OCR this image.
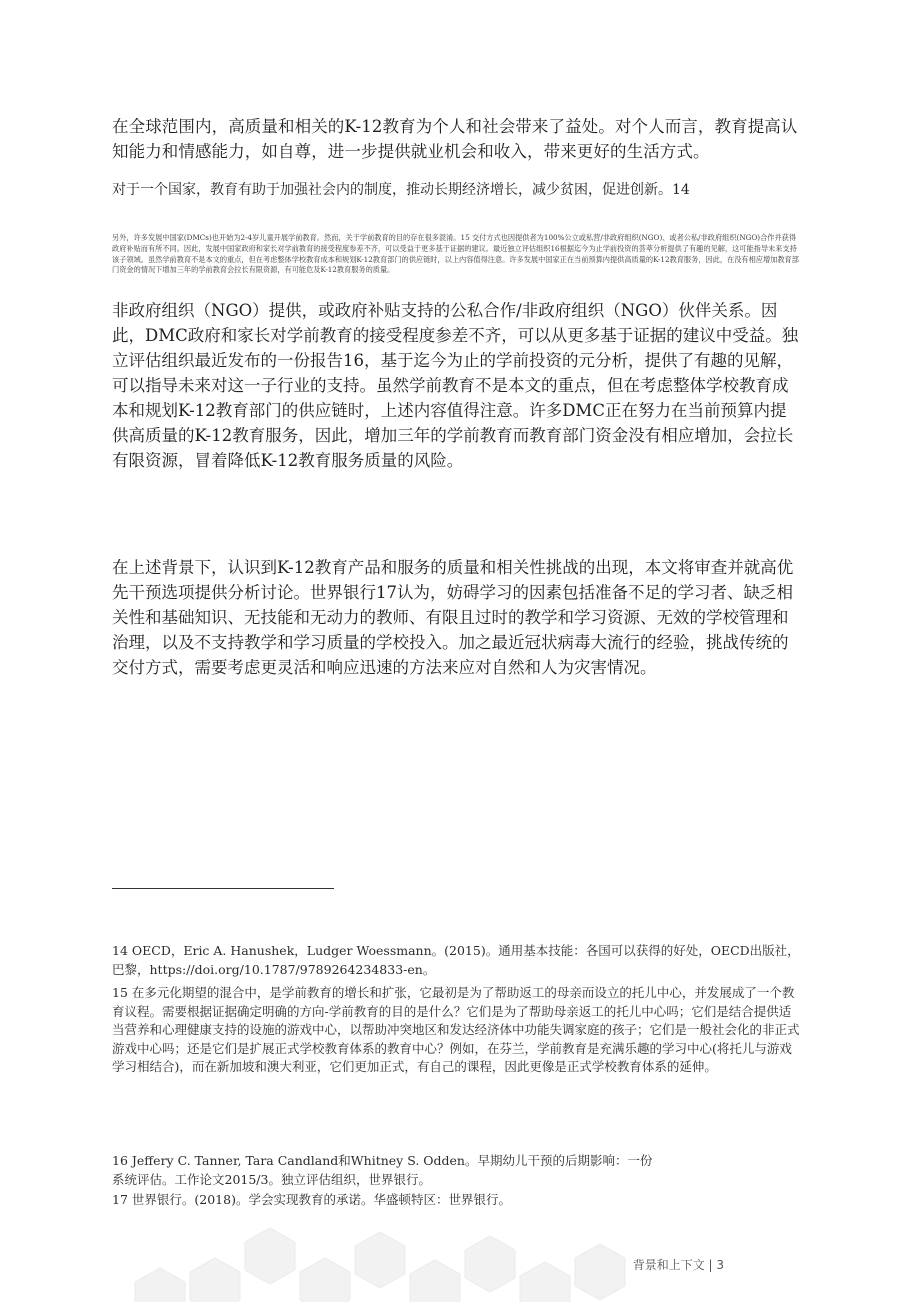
在全球范围内，高质量和相关的K-12教育为个人和社会带来了益处。对个人而言，教育提高认知能力和情感能力，如自尊，进一步提供就业机会和收入，带来更好的生活方式。

对于一个国家，教育有助于加强社会内的制度，推动长期经济增长，减少贫困，促进创新。14

另外，许多发展中国家(DMCs)也开始为2-4岁儿童开展学前教育。然而，关于学前教育的目的存在很多混淆。15 交付方式也因提供者为100%公立或私营/非政府组织(NGO)、或者公私/非政府组织(NGO)合作并获得政府补贴而有所不同。因此，发展中国家政府和家长对学前教育的接受程度参差不齐，可以受益于更多基于证据的建议。最近独立评估组织16根据迄今为止学前投资的荟萃分析提供了有趣的见解，这可能指导未来支持该子领域。虽然学前教育不是本文的重点，但在考虑整体学校教育成本和规划K-12教育部门的供应链时，以上内容值得注意。许多发展中国家正在当前预算内提供高质量的K-12教育服务，因此，在没有相应增加教育部门资金的情况下增加三年的学前教育会拉长有限资源，有可能危及K-12教育服务的质量。

非政府组织（NGO）提供，或政府补贴支持的公私合作/非政府组织（NGO）伙伴关系。因此，DMC政府和家长对学前教育的接受程度参差不齐，可以从更多基于证据的建议中受益。独立评估组织最近发布的一份报告16，基于迄今为止的学前投资的元分析，提供了有趣的见解，可以指导未来对这一子行业的支持。虽然学前教育不是本文的重点，但在考虑整体学校教育成本和规划K-12教育部门的供应链时，上述内容值得注意。许多DMC正在努力在当前预算内提供高质量的K-12教育服务，因此，增加三年的学前教育而教育部门资金没有相应增加，会拉长有限资源，冒着降低K-12教育服务质量的风险。

在上述背景下，认识到K-12教育产品和服务的质量和相关性挑战的出现，本文将审查并就高优先干预选项提供分析讨论。世界银行17认为，妨碍学习的因素包括准备不足的学习者、缺乏相关性和基础知识、无技能和无动力的教师、有限且过时的教学和学习资源、无效的学校管理和治理，以及不支持教学和学习质量的学校投入。加之最近冠状病毒大流行的经验，挑战传统的交付方式，需要考虑更灵活和响应迅速的方法来应对自然和人为灾害情况。

14 OECD，Eric A. Hanushek，Ludger Woessmann。(2015)。通用基本技能：各国可以获得的好处，OECD出版社，巴黎，https://doi.org/10.1787/9789264234833-en。

15 在多元化期望的混合中，是学前教育的增长和扩张，它最初是为了帮助返工的母亲而设立的托儿中心，并发展成了一个教育议程。需要根据证据确定明确的方向-学前教育的目的是什么？它们是为了帮助母亲返工的托儿中心吗；它们是结合提供适当营养和心理健康支持的设施的游戏中心，以帮助冲突地区和发达经济体中功能失调家庭的孩子；它们是一般社会化的非正式游戏中心吗；还是它们是扩展正式学校教育体系的教育中心？例如，在芬兰，学前教育是充满乐趣的学习中心(将托儿与游戏学习相结合)，而在新加坡和澳大利亚，它们更加正式，有自己的课程，因此更像是正式学校教育体系的延伸。

16 Jeffery C. Tanner, Tara Candland和Whitney S. Odden。早期幼儿干预的后期影响：一份
系统评估。工作论文2015/3。独立评估组织，世界银行。

17 世界银行。(2018)。学会实现教育的承诺。华盛顿特区：世界银行。

背景和上下文 | 3
